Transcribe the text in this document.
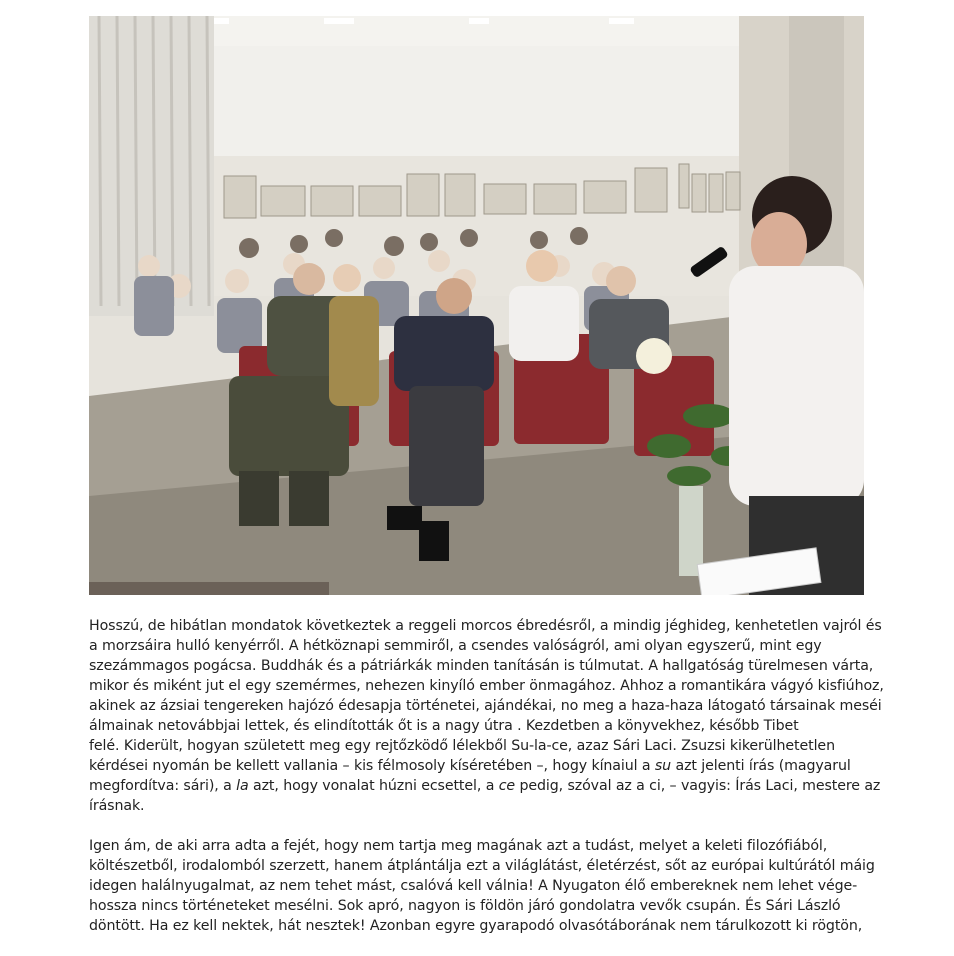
Hosszú, de hibátlan mondatok következtek a reggeli morcos ébredésről, a mindig jéghideg, kenhetetlen vajról és
a morzsáira hulló kenyérről. A hétköznapi semmiről, a csendes valóságról, ami olyan egyszerű, mint egy
szezámmagos pogácsa. Buddhák és a pátriárkák minden tanításán is túlmutat. A hallgatóság türelmesen várta,
mikor és miként jut el egy szemérmes, nehezen kinyíló ember önmagához. Ahhoz a romantikára vágyó kisfiúhoz,
akinek az ázsiai tengereken hajózó édesapja történetei, ajándékai, no meg a haza-haza látogató társainak meséi
álmainak netovábbjai lettek, és elindították őt is a nagy útra . Kezdetben a könyvekhez, később Tibet
felé. Kiderült, hogyan született meg egy rejtőzködő lélekből Su-la-ce, azaz Sári Laci. Zsuzsi kikerülhetetlen
kérdései nyomán be kellett vallania – kis félmosoly kíséretében –, hogy kínaiul a su azt jelenti írás (magyarul
megfordítva: sári), a la azt, hogy vonalat húzni ecsettel, a ce pedig, szóval az a ci, – vagyis: Írás Laci, mestere az
írásnak.

Igen ám, de aki arra adta a fejét, hogy nem tartja meg magának azt a tudást, melyet a keleti filozófiából,
költészetből, irodalomból szerzett, hanem átplántálja ezt a világlátást, életérzést, sőt az európai kultúrától máig
idegen halálnyugalmat, az nem tehet mást, csalóvá kell válnia! A Nyugaton élő embereknek nem lehet vége-
hossza nincs történeteket mesélni. Sok apró, nagyon is földön járó gondolatra vevők csupán. És Sári László
döntött. Ha ez kell nektek, hát nesztek! Azonban egyre gyarapodó olvasótáborának nem tárulkozott ki rögtön,
